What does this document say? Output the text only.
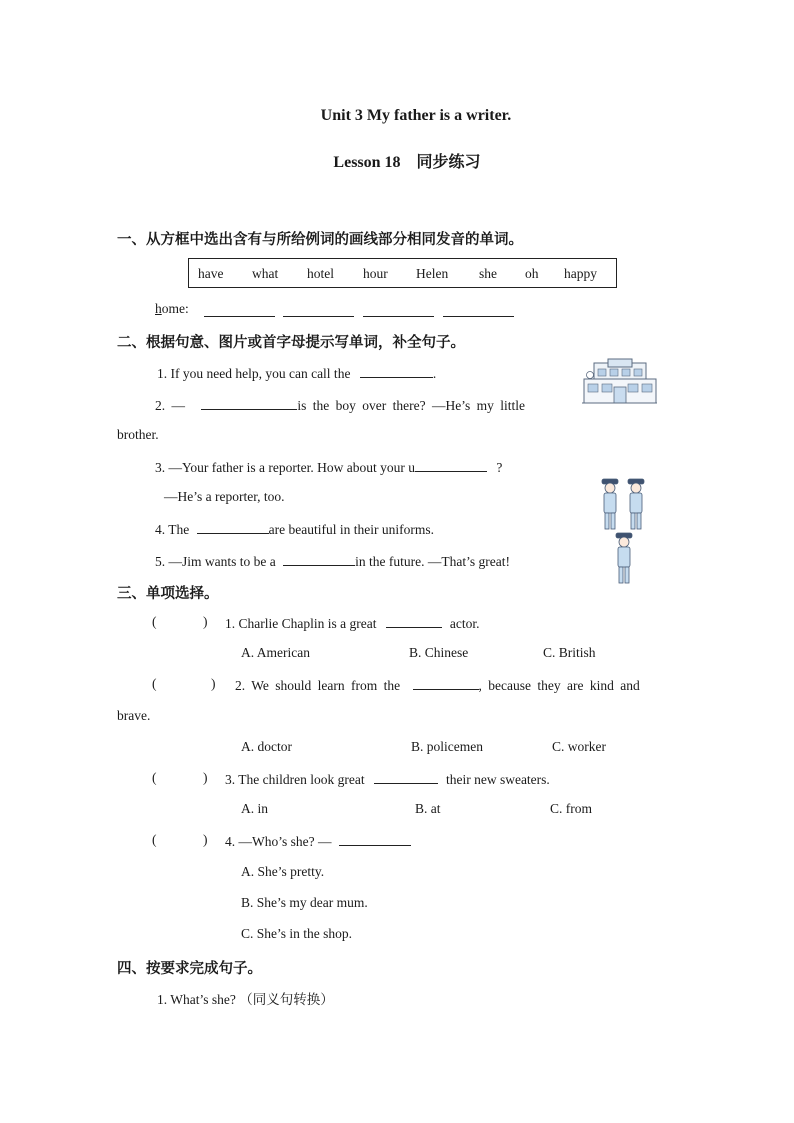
Unit 3 My father is a writer.
Lesson 18　同步练习
一、从方框中选出含有与所给例词的画线部分相同发音的单词。
have what hotel hour Helen she oh happy
home:
二、根据句意、图片或首字母提示写单词，补全句子。
1. If you need help, you can call the	.
2. —	is the boy over there? —He’s my little
brother.
3. —Your father is a reporter. How about your u	?
—He’s a reporter, too.
4. The	are beautiful in their uniforms.
5. —Jim wants to be a	in the future. —That’s great!
三、单项选择。
(	) 1. Charlie Chaplin is a great	actor.
A. American	B. Chinese	C. British
(	) 2. We should learn from the	, because they are kind and
brave.
A. doctor	B. policemen	C. worker
(	) 3. The children look great	their new sweaters.
A. in	B. at	C. from
(	) 4. —Who’s she? —
A. She’s pretty.
B. She’s my dear mum.
C. She’s in the shop.
四、按要求完成句子。
1. What’s she? （同义句转换）
